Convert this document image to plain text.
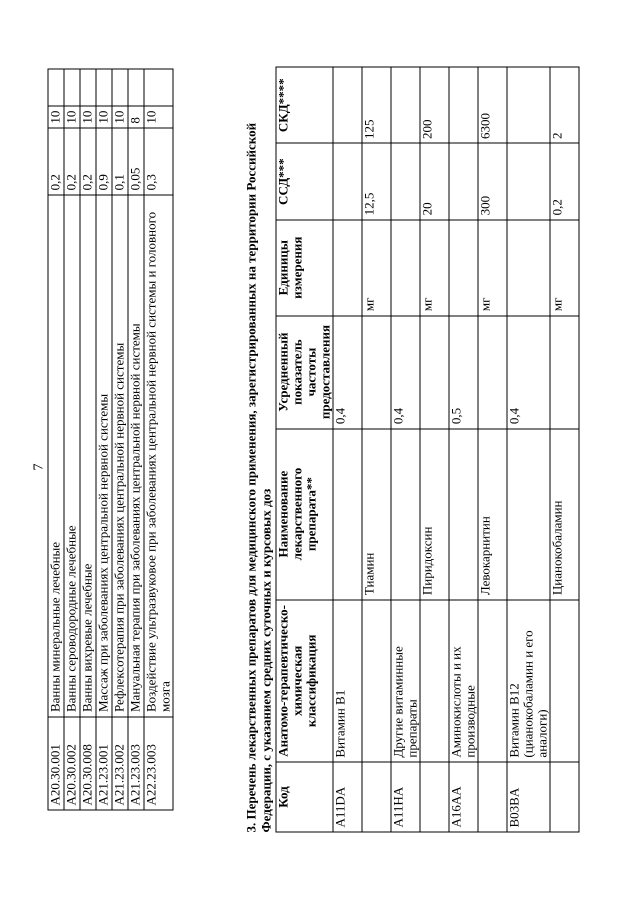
7
A20.30.001	Ванны минеральные лечебные	0,2	10	
A20.30.002	Ванны сероводородные лечебные	0,2	10	
A20.30.008	Ванны вихревые лечебные	0,2	10	
A21.23.001	Массаж при заболеваниях центральной нервной системы	0,9	10	
A21.23.002	Рефлексотерапия при заболеваниях центральной нервной системы	0,1	10	
A21.23.003	Мануальная терапия при заболеваниях центральной нервной системы	0,05	8	
A22.23.003	Воздействие ультразвуковое при заболеваниях центральной нервной системы и головного мозга	0,3	10	
3. Перечень лекарственных препаратов для медицинского применения, зарегистрированных на территории Российской Федерации, с указанием средних суточных и курсовых доз Код	Анатомо-терапевтическо-химическая классификация	Наименование лекарственного препарата**	Усредненный показатель частоты предоставления	Единицы измерения	ССД***	СКД****
A11DA	Витамин B1		0,4			
		Тиамин		мг	12,5	125
A11HA	Другие витаминные препараты		0,4			
		Пиридоксин		мг	20	200
A16AA	Аминокислоты и их производные		0,5			
		Левокарнитин		мг	300	6300
B03BA	Витамин B12 (цианокобаламин и его аналоги)		0,4			
		Цианокобаламин		мг	0,2	2
